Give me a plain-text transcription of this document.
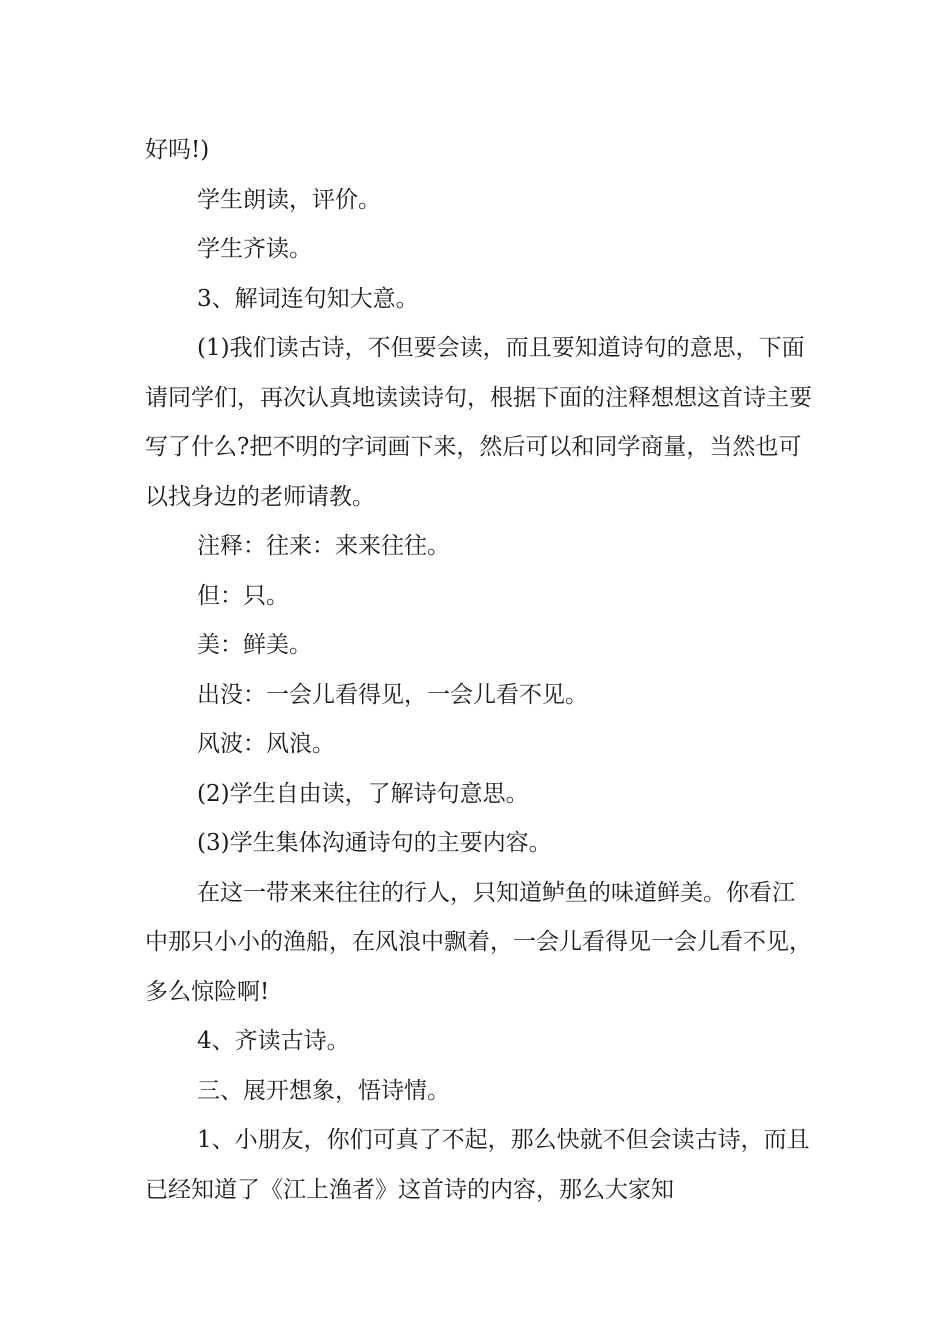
好吗!)

学生朗读，评价。

学生齐读。

3、解词连句知大意。

(1)我们读古诗，不但要会读，而且要知道诗句的意思，下面请同学们，再次认真地读读诗句，根据下面的注释想想这首诗主要写了什么?把不明的字词画下来，然后可以和同学商量，当然也可以找身边的老师请教。

注释：往来：来来往往。

但：只。

美：鲜美。

出没：一会儿看得见，一会儿看不见。

风波：风浪。

(2)学生自由读，了解诗句意思。

(3)学生集体沟通诗句的主要内容。

在这一带来来往往的行人，只知道鲈鱼的味道鲜美。你看江中那只小小的渔船，在风浪中飘着，一会儿看得见一会儿看不见，多么惊险啊!

4、齐读古诗。

三、展开想象，悟诗情。

1、小朋友，你们可真了不起，那么快就不但会读古诗，而且已经知道了《江上渔者》这首诗的内容，那么大家知
